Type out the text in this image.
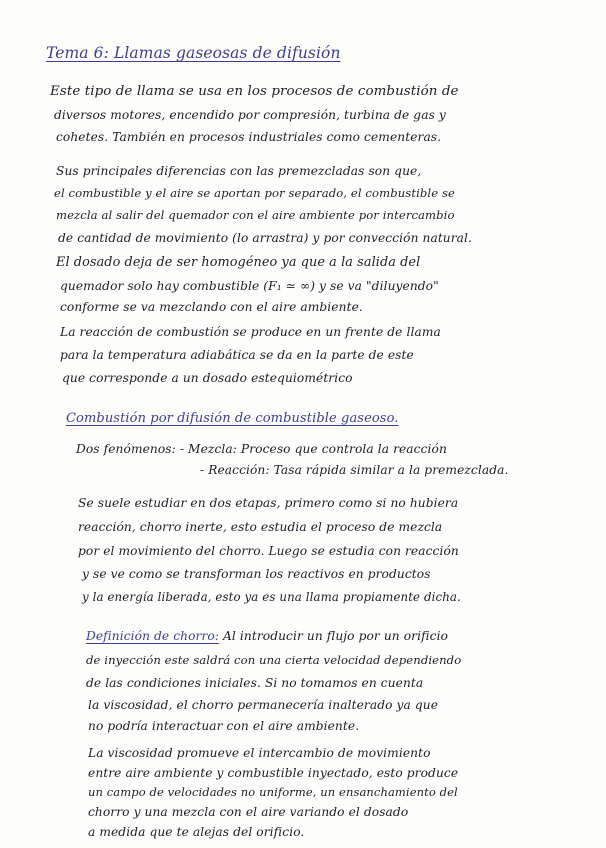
Tema 6: Llamas gaseosas de difusión
Este tipo de llama se usa en los procesos de combustión de
diversos motores, encendido por compresión, turbina de gas y
cohetes. También en procesos industriales como cementeras.
Sus principales diferencias con las premezcladas son que,
el combustible y el aire se aportan por separado, el combustible se
mezcla al salir del quemador con el aire ambiente por intercambio
de cantidad de movimiento (lo arrastra) y por convección natural.
El dosado deja de ser homogéneo ya que a la salida del
quemador solo hay combustible (F₁ ≃ ∞) y se va "diluyendo"
conforme se va mezclando con el aire ambiente.
La reacción de combustión se produce en un frente de llama
para la temperatura adiabática se da en la parte de este
que corresponde a un dosado estequiométrico
Combustión por difusión de combustible gaseoso.
Dos fenómenos: - Mezcla: Proceso que controla la reacción
- Reacción: Tasa rápida similar a la premezclada.
Se suele estudiar en dos etapas, primero como si no hubiera
reacción, chorro inerte, esto estudia el proceso de mezcla
por el movimiento del chorro. Luego se estudia con reacción
y se ve como se transforman los reactivos en productos
y la energía liberada, esto ya es una llama propiamente dicha.
Definición de chorro: Al introducir un flujo por un orificio
de inyección este saldrá con una cierta velocidad dependiendo
de las condiciones iniciales. Si no tomamos en cuenta
la viscosidad, el chorro permanecería inalterado ya que
no podría interactuar con el aire ambiente.
La viscosidad promueve el intercambio de movimiento
entre aire ambiente y combustible inyectado, esto produce
un campo de velocidades no uniforme, un ensanchamiento del
chorro y una mezcla con el aire variando el dosado
a medida que te alejas del orificio.
